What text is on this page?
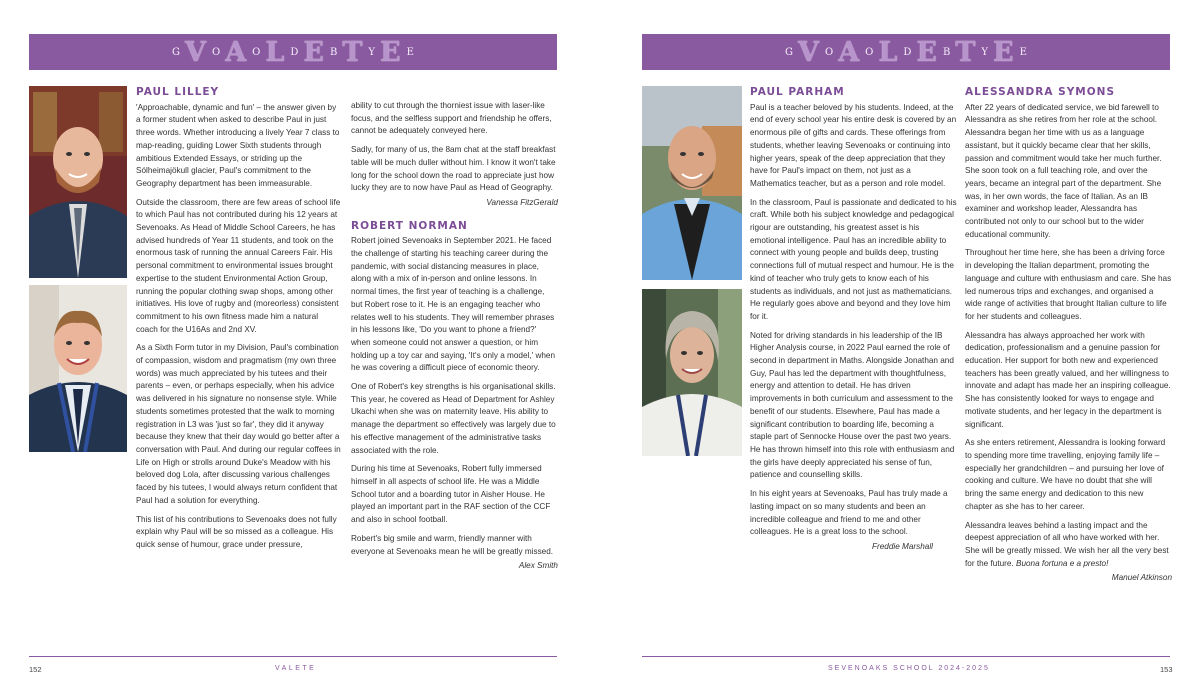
G V O A O L D E B T Y E E
PAUL LILLEY

'Approachable, dynamic and fun' – the answer given by a former student when asked to describe Paul in just three words. Whether introducing a lively Year 7 class to map-reading, guiding Lower Sixth students through ambitious Extended Essays, or striding up the Sólheimajökull glacier, Paul's commitment to the Geography department has been immeasurable.

Outside the classroom, there are few areas of school life to which Paul has not contributed during his 12 years at Sevenoaks. As Head of Middle School Careers, he has advised hundreds of Year 11 students, and took on the enormous task of running the annual Careers Fair. His personal commitment to environmental issues brought expertise to the student Environmental Action Group, running the popular clothing swap shops, among other initiatives. His love of rugby and (moreorless) consistent commitment to his own fitness made him a natural coach for the U16As and 2nd XV.

As a Sixth Form tutor in my Division, Paul's combination of compassion, wisdom and pragmatism (my own three words) was much appreciated by his tutees and their parents – even, or perhaps especially, when his advice was delivered in his signature no nonsense style. While students sometimes protested that the walk to morning registration in L3 was 'just so far', they did it anyway because they knew that their day would go better after a conversation with Paul. And during our regular coffees in Life on High or strolls around Duke's Meadow with his beloved dog Lola, after discussing various challenges faced by his tutees, I would always return confident that Paul had a solution for everything.

This list of his contributions to Sevenoaks does not fully explain why Paul will be so missed as a colleague. His quick sense of humour, grace under pressure,

ability to cut through the thorniest issue with laser-like focus, and the selfless support and friendship he offers, cannot be adequately conveyed here.

Sadly, for many of us, the 8am chat at the staff breakfast table will be much duller without him. I know it won't take long for the school down the road to appreciate just how lucky they are to now have Paul as Head of Geography.

Vanessa FitzGerald
ROBERT NORMAN

Robert joined Sevenoaks in September 2021. He faced the challenge of starting his teaching career during the pandemic, with social distancing measures in place, along with a mix of in-person and online lessons. In normal times, the first year of teaching is a challenge, but Robert rose to it. He is an engaging teacher who relates well to his students. They will remember phrases in his lessons like, 'Do you want to phone a friend?' when someone could not answer a question, or him holding up a toy car and saying, 'It's only a model,' when he was covering a difficult piece of economic theory.

One of Robert's key strengths is his organisational skills. This year, he covered as Head of Department for Ashley Ukachi when she was on maternity leave. His ability to manage the department so effectively was largely due to his effective management of the administrative tasks associated with the role.

During his time at Sevenoaks, Robert fully immersed himself in all aspects of school life. He was a Middle School tutor and a boarding tutor in Aisher House. He played an important part in the RAF section of the CCF and also in school football.

Robert's big smile and warm, friendly manner with everyone at Sevenoaks mean he will be greatly missed.

Alex Smith
152	VALETE
G V O A O L D E B T Y E E
PAUL PARHAM

Paul is a teacher beloved by his students. Indeed, at the end of every school year his entire desk is covered by an enormous pile of gifts and cards. These offerings from students, whether leaving Sevenoaks or continuing into higher years, speak of the deep appreciation that they have for Paul's impact on them, not just as a Mathematics teacher, but as a person and role model.

In the classroom, Paul is passionate and dedicated to his craft. While both his subject knowledge and pedagogical rigour are outstanding, his greatest asset is his emotional intelligence. Paul has an incredible ability to connect with young people and builds deep, trusting connections full of mutual respect and humour. He is the kind of teacher who truly gets to know each of his students as individuals, and not just as mathematicians. He regularly goes above and beyond and they love him for it.

Noted for driving standards in his leadership of the IB Higher Analysis course, in 2022 Paul earned the role of second in department in Maths. Alongside Jonathan and Guy, Paul has led the department with thoughtfulness, energy and attention to detail. He has driven improvements in both curriculum and assessment to the benefit of our students. Elsewhere, Paul has made a significant contribution to boarding life, becoming a staple part of Sennocke House over the past two years. He has thrown himself into this role with enthusiasm and the girls have deeply appreciated his sense of fun, patience and counselling skills.

In his eight years at Sevenoaks, Paul has truly made a lasting impact on so many students and been an incredible colleague and friend to me and other colleagues. He is a great loss to the school.

Freddie Marshall
ALESSANDRA SYMONS

After 22 years of dedicated service, we bid farewell to Alessandra as she retires from her role at the school. Alessandra began her time with us as a language assistant, but it quickly became clear that her skills, passion and commitment would take her much further. She soon took on a full teaching role, and over the years, became an integral part of the department. She was, in her own words, the face of Italian. As an IB examiner and workshop leader, Alessandra has contributed not only to our school but to the wider educational community.

Throughout her time here, she has been a driving force in developing the Italian department, promoting the language and culture with enthusiasm and care. She has led numerous trips and exchanges, and organised a wide range of activities that brought Italian culture to life for her students and colleagues.

Alessandra has always approached her work with dedication, professionalism and a genuine passion for education. Her support for both new and experienced teachers has been greatly valued, and her willingness to innovate and adapt has made her an inspiring colleague. She has consistently looked for ways to engage and motivate students, and her legacy in the department is significant.

As she enters retirement, Alessandra is looking forward to spending more time travelling, enjoying family life – especially her grandchildren – and pursuing her love of cooking and culture. We have no doubt that she will bring the same energy and dedication to this new chapter as she has to her career.

Alessandra leaves behind a lasting impact and the deepest appreciation of all who have worked with her. She will be greatly missed. We wish her all the very best for the future. Buona fortuna e a presto!

Manuel Atkinson
SEVENOAKS SCHOOL 2024-2025	153
